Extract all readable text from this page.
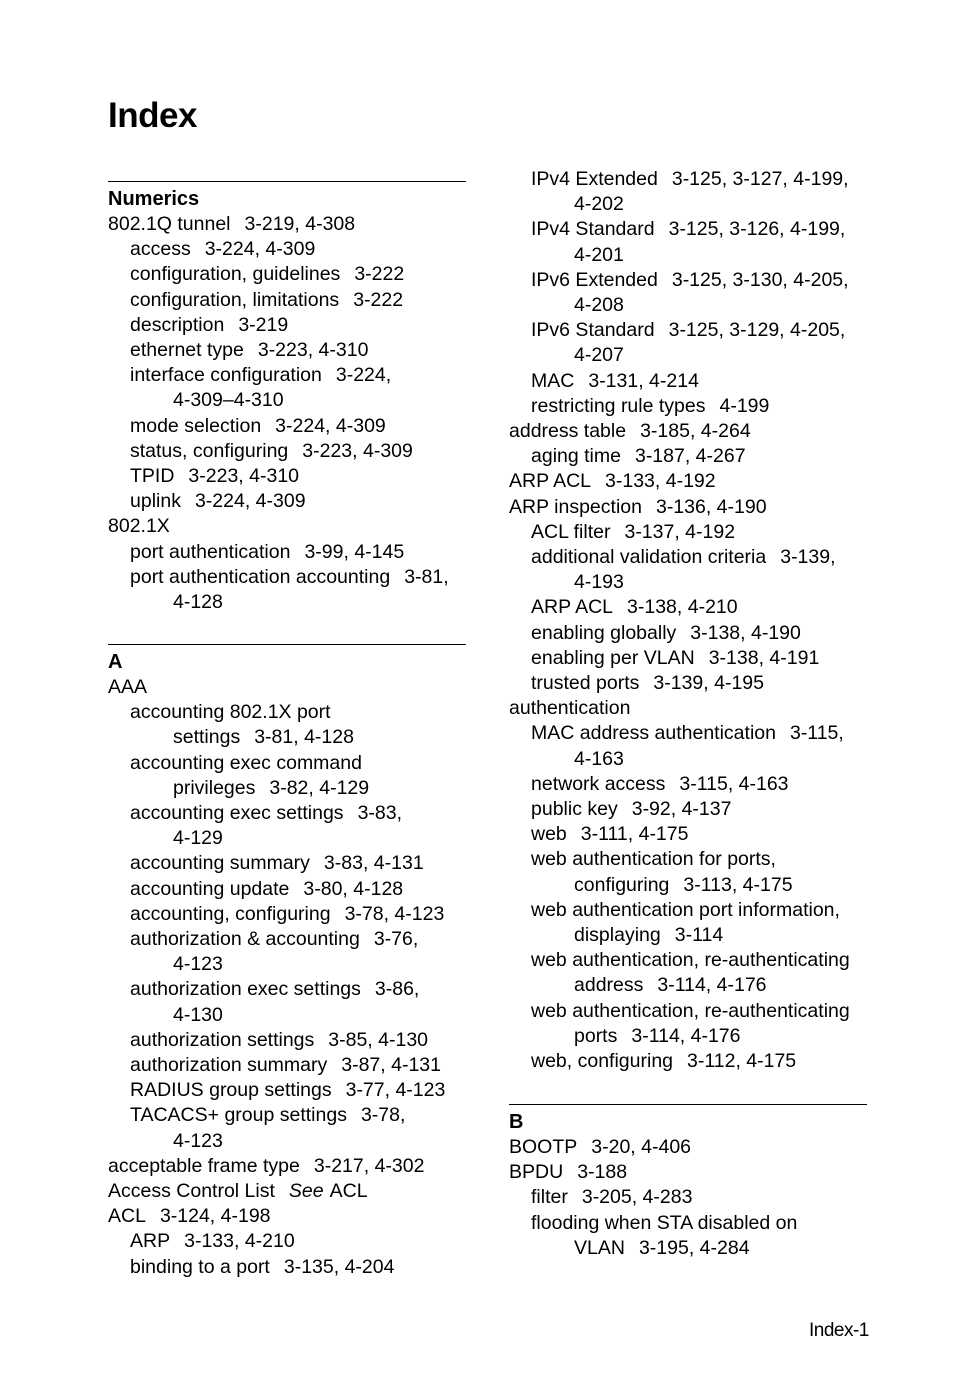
Index
Numerics
802.1Q tunnel 3-219, 4-308
access 3-224, 4-309
configuration, guidelines 3-222
configuration, limitations 3-222
description 3-219
ethernet type 3-223, 4-310
interface configuration 3-224,
4-309–4-310
mode selection 3-224, 4-309
status, configuring 3-223, 4-309
TPID 3-223, 4-310
uplink 3-224, 4-309
802.1X
port authentication 3-99, 4-145
port authentication accounting 3-81,
4-128
A
AAA
accounting 802.1X port
settings 3-81, 4-128
accounting exec command
privileges 3-82, 4-129
accounting exec settings 3-83,
4-129
accounting summary 3-83, 4-131
accounting update 3-80, 4-128
accounting, configuring 3-78, 4-123
authorization & accounting 3-76,
4-123
authorization exec settings 3-86,
4-130
authorization settings 3-85, 4-130
authorization summary 3-87, 4-131
RADIUS group settings 3-77, 4-123
TACACS+ group settings 3-78,
4-123
acceptable frame type 3-217, 4-302
Access Control List See ACL
ACL 3-124, 4-198
ARP 3-133, 4-210
binding to a port 3-135, 4-204
IPv4 Extended 3-125, 3-127, 4-199,
4-202
IPv4 Standard 3-125, 3-126, 4-199,
4-201
IPv6 Extended 3-125, 3-130, 4-205,
4-208
IPv6 Standard 3-125, 3-129, 4-205,
4-207
MAC 3-131, 4-214
restricting rule types 4-199
address table 3-185, 4-264
aging time 3-187, 4-267
ARP ACL 3-133, 4-192
ARP inspection 3-136, 4-190
ACL filter 3-137, 4-192
additional validation criteria 3-139,
4-193
ARP ACL 3-138, 4-210
enabling globally 3-138, 4-190
enabling per VLAN 3-138, 4-191
trusted ports 3-139, 4-195
authentication
MAC address authentication 3-115,
4-163
network access 3-115, 4-163
public key 3-92, 4-137
web 3-111, 4-175
web authentication for ports,
configuring 3-113, 4-175
web authentication port information,
displaying 3-114
web authentication, re-authenticating
address 3-114, 4-176
web authentication, re-authenticating
ports 3-114, 4-176
web, configuring 3-112, 4-175
B
BOOTP 3-20, 4-406
BPDU 3-188
filter 3-205, 4-283
flooding when STA disabled on
VLAN 3-195, 4-284
Index-1
